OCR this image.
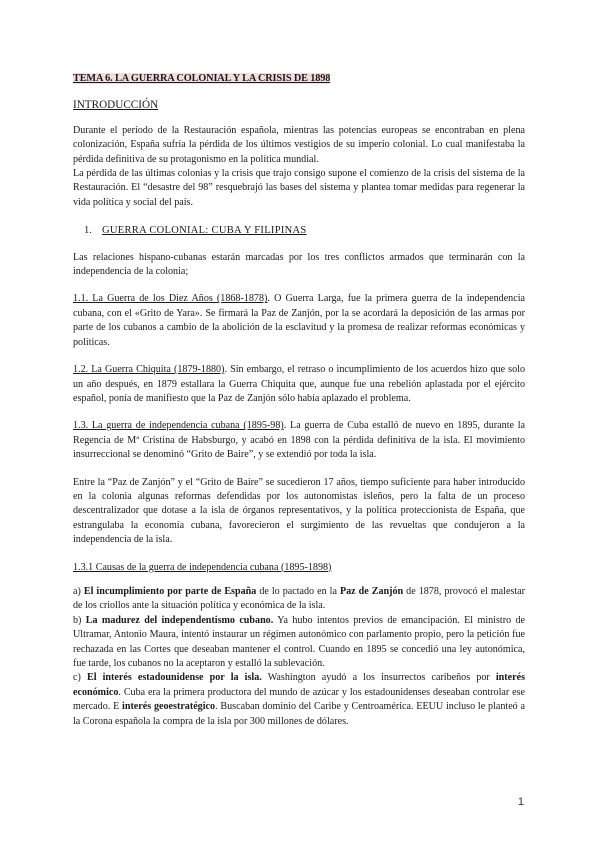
TEMA 6. LA GUERRA COLONIAL Y LA CRISIS DE 1898
INTRODUCCIÓN

Durante el periodo de la Restauración española, mientras las potencias europeas se encontraban en plena colonización, España sufría la pérdida de los últimos vestigios de su imperio colonial. Lo cual manifestaba la pérdida definitiva de su protagonismo en la política mundial.

La pérdida de las últimas colonias y la crisis que trajo consigo supone el comienzo de la crisis del sistema de la Restauración. El “desastre del 98” resquebrajó las bases del sistema y plantea tomar medidas para regenerar la vida política y social del país.

1. GUERRA COLONIAL: CUBA Y FILIPINAS

Las relaciones hispano-cubanas estarán marcadas por los tres conflictos armados que terminarán con la independencia de la colonia;

1.1. La Guerra de los Diez Años (1868-1878). O Guerra Larga, fue la primera guerra de la independencia cubana, con el «Grito de Yara». Se firmará la Paz de Zanjón, por la se acordará la deposición de las armas por parte de los cubanos a cambio de la abolición de la esclavitud y la promesa de realizar reformas económicas y políticas.

1.2. La Guerra Chiquita (1879-1880). Sin embargo, el retraso o incumplimiento de los acuerdos hizo que solo un año después, en 1879 estallara la Guerra Chiquita que, aunque fue una rebelión aplastada por el ejército español, ponía de manifiesto que la Paz de Zanjón sólo había aplazado el problema.

1.3. La guerra de independencia cubana (1895-98). La guerra de Cuba estalló de nuevo en 1895, durante la Regencia de Mª Cristina de Habsburgo, y acabó en 1898 con la pérdida definitiva de la isla. El movimiento insurreccional se denominó “Grito de Baire”, y se extendió por toda la isla.

Entre la “Paz de Zanjón” y el “Grito de Baire” se sucedieron 17 años, tiempo suficiente para haber introducido en la colonia algunas reformas defendidas por los autonomistas isleños, pero la falta de un proceso descentralizador que dotase a la isla de órganos representativos, y la política proteccionista de España, que estrangulaba la economía cubana, favorecieron el surgimiento de las revueltas que condujeron a la independencia de la isla.

1.3.1 Causas de la guerra de independencia cubana (1895-1898)

a) El incumplimiento por parte de España de lo pactado en la Paz de Zanjón de 1878, provocó el malestar de los criollos ante la situación política y económica de la isla.

b) La madurez del independentismo cubano. Ya hubo intentos previos de emancipación. El ministro de Ultramar, Antonio Maura, intentó instaurar un régimen autonómico con parlamento propio, pero la petición fue rechazada en las Cortes que deseaban mantener el control. Cuando en 1895 se concedió una ley autonómica, fue tarde, los cubanos no la aceptaron y estalló la sublevación.

c) El interés estadounidense por la isla. Washington ayudó a los insurrectos caribeños por interés económico. Cuba era la primera productora del mundo de azúcar y los estadounidenses deseaban controlar ese mercado. E interés geoestratégico. Buscaban dominio del Caribe y Centroamérica. EEUU incluso le planteó a la Corona española la compra de la isla por 300 millones de dólares.

1
